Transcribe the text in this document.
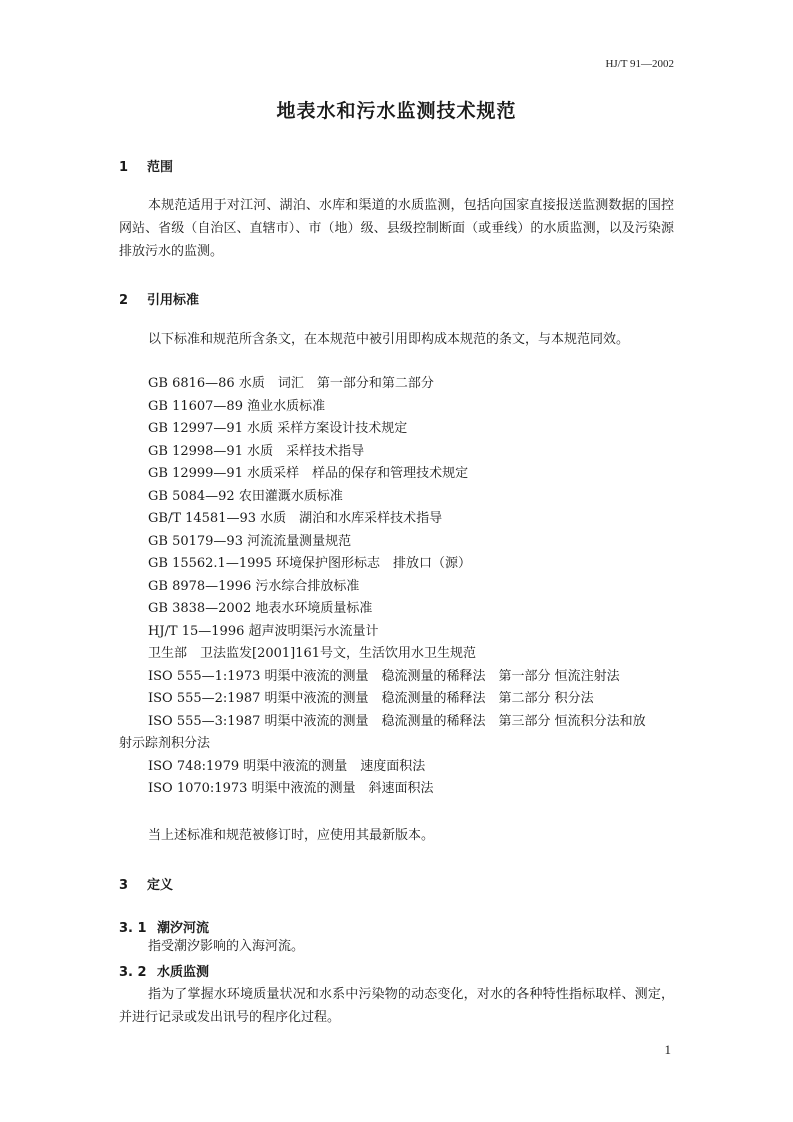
HJ/T 91—2002
地表水和污水监测技术规范
1 范围
本规范适用于对江河、湖泊、水库和渠道的水质监测，包括向国家直接报送监测数据的国控网站、省级（自治区、直辖市）、市（地）级、县级控制断面（或垂线）的水质监测，以及污染源排放污水的监测。
2 引用标准
以下标准和规范所含条文，在本规范中被引用即构成本规范的条文，与本规范同效。
GB 6816—86 水质　词汇　第一部分和第二部分
GB 11607—89 渔业水质标准
GB 12997—91 水质 采样方案设计技术规定
GB 12998—91 水质　采样技术指导
GB 12999—91 水质采样　样品的保存和管理技术规定
GB 5084—92 农田灌溉水质标准
GB/T 14581—93 水质　湖泊和水库采样技术指导
GB 50179—93 河流流量测量规范
GB 15562.1—1995 环境保护图形标志　排放口（源）
GB 8978—1996 污水综合排放标准
GB 3838—2002 地表水环境质量标准
HJ/T 15—1996 超声波明渠污水流量计
卫生部　卫法监发[2001]161号文，生活饮用水卫生规范
ISO 555—1:1973 明渠中液流的测量　稳流测量的稀释法　第一部分 恒流注射法
ISO 555—2:1987 明渠中液流的测量　稳流测量的稀释法　第二部分 积分法
ISO 555—3:1987 明渠中液流的测量　稳流测量的稀释法　第三部分 恒流积分法和放
射示踪剂积分法
ISO 748:1979 明渠中液流的测量　速度面积法
ISO 1070:1973 明渠中液流的测量　斜速面积法
当上述标准和规范被修订时，应使用其最新版本。
3 定义
3. 1 潮汐河流
指受潮汐影响的入海河流。
3. 2 水质监测
指为了掌握水环境质量状况和水系中污染物的动态变化，对水的各种特性指标取样、测定，并进行记录或发出讯号的程序化过程。
1
